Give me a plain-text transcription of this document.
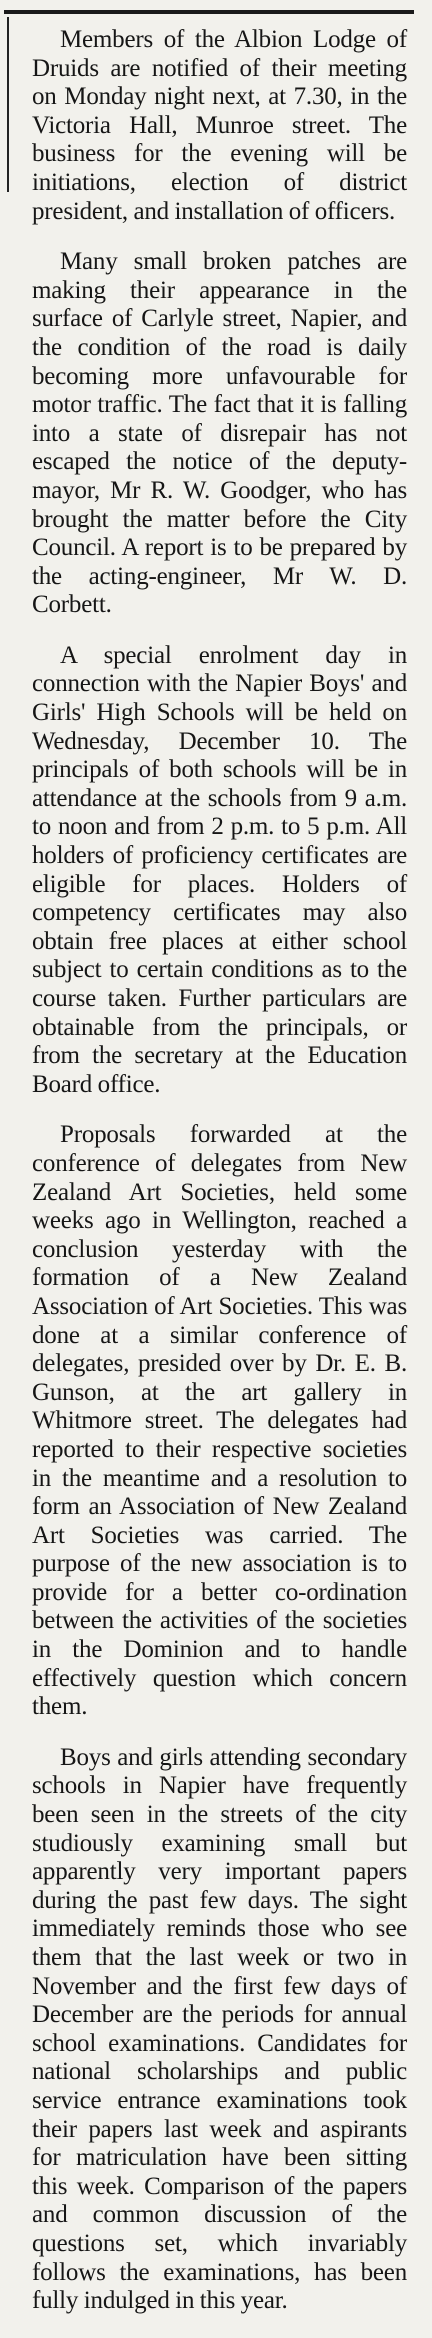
Members of the Albion Lodge of Druids are notified of their meeting on Monday night next, at 7.30, in the Victoria Hall, Munroe street. The business for the evening will be initiations, election of district president, and installation of officers.

Many small broken patches are making their appearance in the surface of Carlyle street, Napier, and the condition of the road is daily becoming more unfavourable for motor traffic. The fact that it is falling into a state of disrepair has not escaped the notice of the deputy-mayor, Mr R. W. Goodger, who has brought the matter before the City Council. A report is to be prepared by the acting-engineer, Mr W. D. Corbett.

A special enrolment day in connection with the Napier Boys' and Girls' High Schools will be held on Wednesday, December 10. The principals of both schools will be in attendance at the schools from 9 a.m. to noon and from 2 p.m. to 5 p.m. All holders of proficiency certificates are eligible for places. Holders of competency certificates may also obtain free places at either school subject to certain conditions as to the course taken. Further particulars are obtainable from the principals, or from the secretary at the Education Board office.

Proposals forwarded at the conference of delegates from New Zealand Art Societies, held some weeks ago in Wellington, reached a conclusion yesterday with the formation of a New Zealand Association of Art Societies. This was done at a similar conference of delegates, presided over by Dr. E. B. Gunson, at the art gallery in Whitmore street. The delegates had reported to their respective societies in the meantime and a resolution to form an Association of New Zealand Art Societies was carried. The purpose of the new association is to provide for a better co-ordination between the activities of the societies in the Dominion and to handle effectively question which concern them.

Boys and girls attending secondary schools in Napier have frequently been seen in the streets of the city studiously examining small but apparently very important papers during the past few days. The sight immediately reminds those who see them that the last week or two in November and the first few days of December are the periods for annual school examinations. Candidates for national scholarships and public service entrance examinations took their papers last week and aspirants for matriculation have been sitting this week. Comparison of the papers and common discussion of the questions set, which invariably follows the examinations, has been fully indulged in this year.
